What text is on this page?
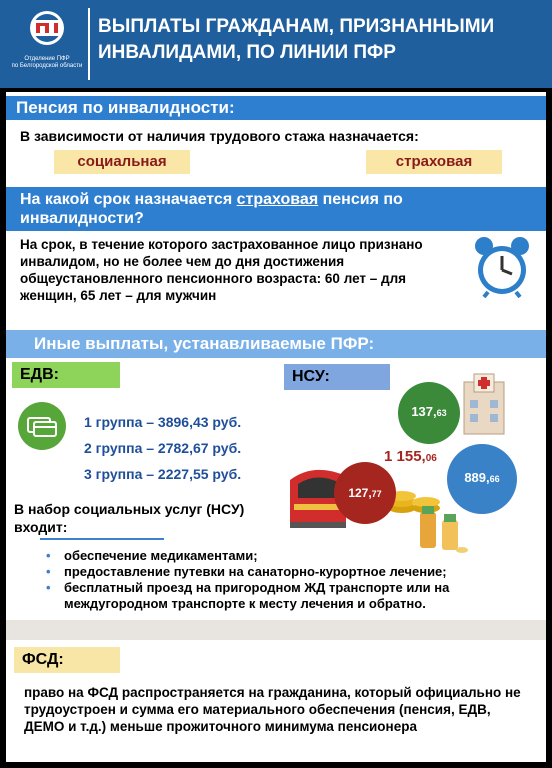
Отделение ПФР
по Белгородской области
ВЫПЛАТЫ ГРАЖДАНАМ, ПРИЗНАННЫМИ
ИНВАЛИДАМИ, ПО ЛИНИИ ПФР
Пенсия по инвалидности:
В зависимости от наличия трудового стажа назначается:
социальная	страховая
На какой срок назначается страховая пенсия по
инвалидности?
На срок, в течение которого застрахованное лицо признано инвалидом, но не более чем до дня достижения общеустановленного пенсионного возраста: 60 лет – для женщин, 65 лет – для мужчин
Иные выплаты, устанавливаемые ПФР:
ЕДВ:	НСУ:
1 группа – 3896,43 руб.
2 группа – 2782,67 руб.
3 группа – 2227,55 руб.
137,63
127,77
889,66
1 155,06
В набор социальных услуг (НСУ) входит:
• обеспечение медикаментами;
• предоставление путевки на санаторно-курортное лечение;
• бесплатный проезд на пригородном ЖД транспорте или на междугородном транспорте к месту лечения и обратно.
ФСД:
право на ФСД распространяется на гражданина, который официально не трудоустроен и сумма его материального обеспечения (пенсия, ЕДВ, ДЕМО и т.д.) меньше прожиточного минимума пенсионера
